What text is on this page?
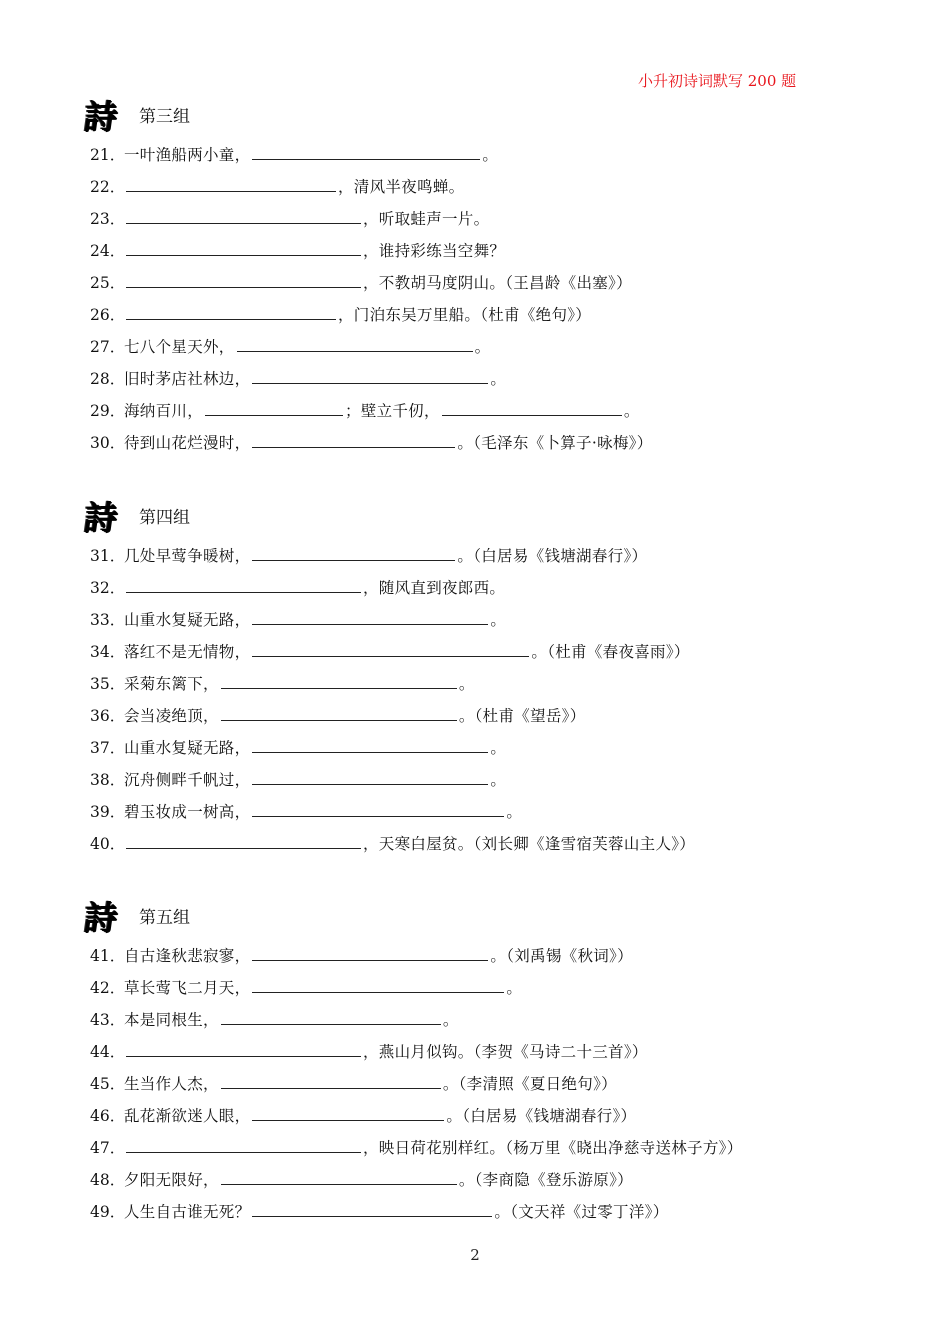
小升初诗词默写 200 题
詩 第三组
21．
一叶渔船两小童，	。
22．	，清风半夜鸣蝉。
23．	，听取蛙声一片。
24．	，谁持彩练当空舞？
25．	，不教胡马度阴山。（王昌龄《出塞》）
26．	，门泊东吴万里船。（杜甫《绝句》）
27．
七八个星天外，	。
28．
旧时茅店社林边，	。
29．
海纳百川，	；壁立千仞，	。
30．
待到山花烂漫时，	。（毛泽东《卜算子·咏梅》）
詩 第四组
31．
几处早莺争暖树，	。（白居易《钱塘湖春行》）
32．	，随风直到夜郎西。
33．
山重水复疑无路，	。
34．
落红不是无情物，	。（杜甫《春夜喜雨》）
35．
采菊东篱下，	。
36．
会当凌绝顶，	。（杜甫《望岳》）
37．
山重水复疑无路，	。
38．
沉舟侧畔千帆过，	。
39．
碧玉妆成一树高，	。
40．	，天寒白屋贫。（刘长卿《逢雪宿芙蓉山主人》）
詩 第五组
41．
自古逢秋悲寂寥，	。（刘禹锡《秋词》）
42．
草长莺飞二月天，	。
43．
本是同根生，	。
44．	，燕山月似钩。（李贺《马诗二十三首》）
45．
生当作人杰，	。（李清照《夏日绝句》）
46．
乱花渐欲迷人眼，	。（白居易《钱塘湖春行》）
47．	，映日荷花别样红。（杨万里《晓出净慈寺送林子方》）
48．
夕阳无限好，	。（李商隐《登乐游原》）
49．
人生自古谁无死？	。（文天祥《过零丁洋》）
2
